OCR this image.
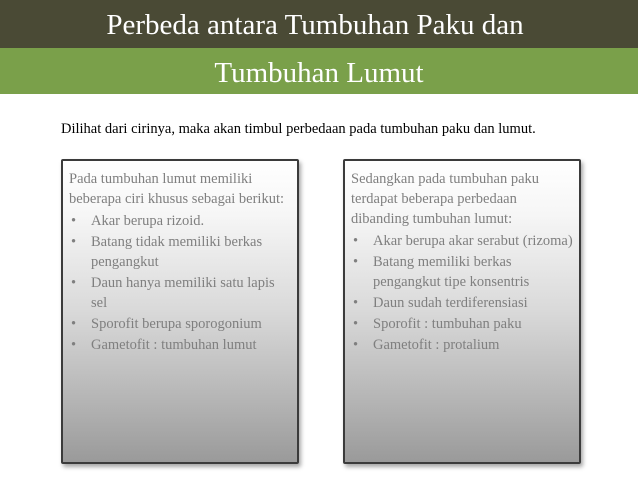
Perbeda antara Tumbuhan Paku dan
Tumbuhan Lumut
Dilihat dari cirinya, maka akan timbul perbedaan pada tumbuhan paku dan lumut.

Pada tumbuhan lumut memiliki beberapa ciri khusus sebagai berikut:

• Akar berupa rizoid.
• Batang tidak memiliki berkas pengangkut
• Daun hanya memiliki satu lapis sel
• Sporofit berupa sporogonium
• Gametofit : tumbuhan lumut

Sedangkan pada tumbuhan paku terdapat beberapa perbedaan dibanding tumbuhan lumut:

• Akar berupa akar serabut (rizoma)
• Batang memiliki berkas pengangkut tipe konsentris
• Daun sudah terdiferensiasi
• Sporofit : tumbuhan paku
• Gametofit : protalium
